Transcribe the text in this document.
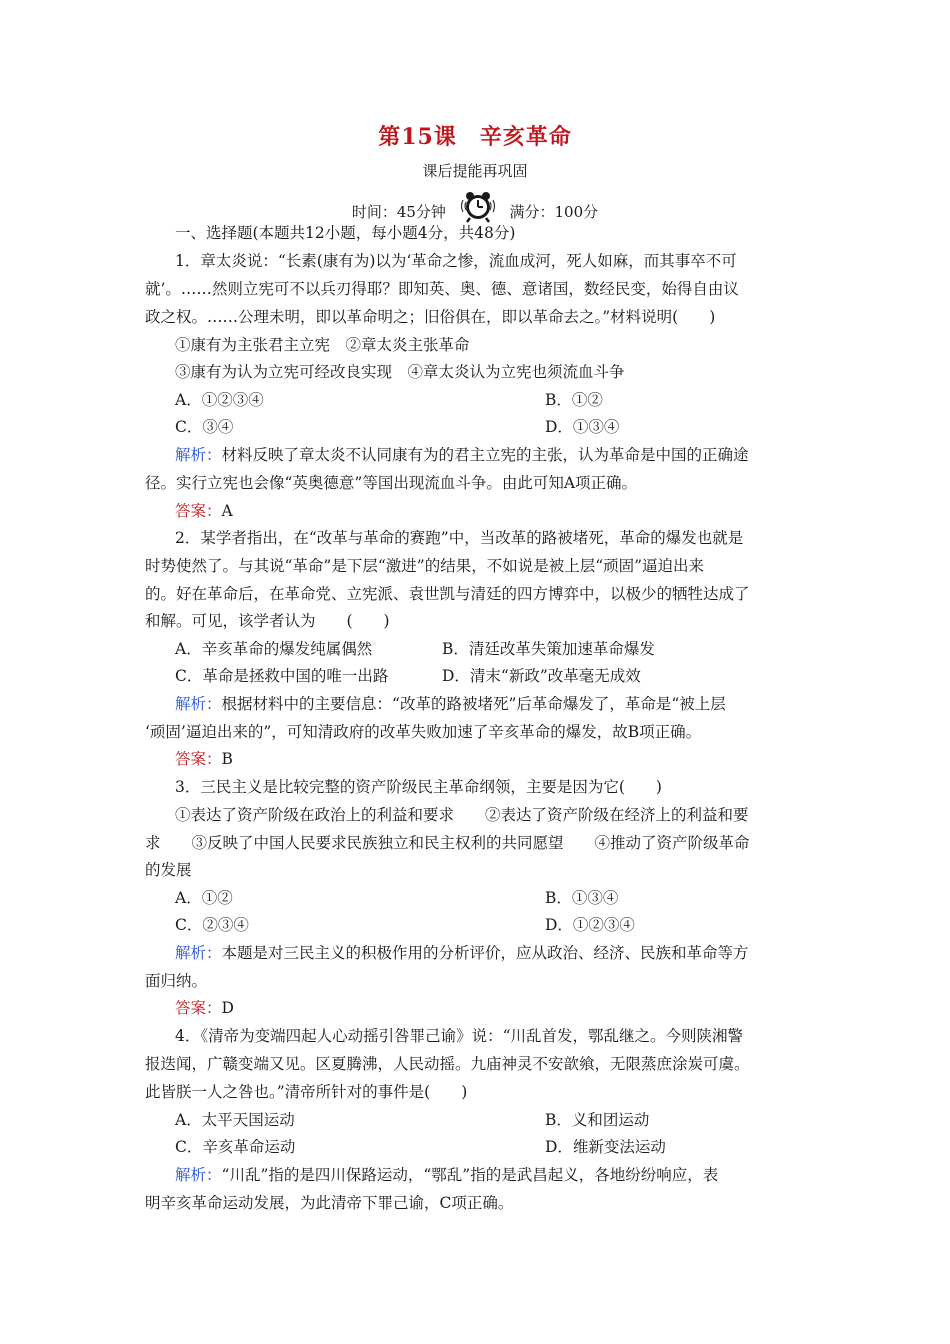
第15课　辛亥革命
课后提能再巩固
时间：45分钟	满分：100分
一、选择题(本题共12小题，每小题4分，共48分)
1．章太炎说：“长素(康有为)以为‘革命之惨，流血成河，死人如麻，而其事卒不可
就’。……然则立宪可不以兵刃得耶？即知英、奥、德、意诸国，数经民变，始得自由议
政之权。……公理未明，即以革命明之；旧俗俱在，即以革命去之。”材料说明(　　)
①康有为主张君主立宪　②章太炎主张革命
③康有为认为立宪可经改良实现　④章太炎认为立宪也须流血斗争
A．①②③④	B．①②
C．③④	D．①③④
解析：材料反映了章太炎不认同康有为的君主立宪的主张，认为革命是中国的正确途
径。实行立宪也会像“英奥德意”等国出现流血斗争。由此可知A项正确。
答案：A
2．某学者指出，在“改革与革命的赛跑”中，当改革的路被堵死，革命的爆发也就是
时势使然了。与其说“革命”是下层“激进”的结果，不如说是被上层“顽固”逼迫出来
的。好在革命后，在革命党、立宪派、袁世凯与清廷的四方博弈中，以极少的牺牲达成了
和解。可见，该学者认为　　(　　)
A．辛亥革命的爆发纯属偶然	B．清廷改革失策加速革命爆发
C．革命是拯救中国的唯一出路	D．清末“新政”改革毫无成效
解析：根据材料中的主要信息：“改革的路被堵死”后革命爆发了，革命是“被上层
‘顽固’逼迫出来的”，可知清政府的改革失败加速了辛亥革命的爆发，故B项正确。
答案：B
3．三民主义是比较完整的资产阶级民主革命纲领，主要是因为它(　　)
①表达了资产阶级在政治上的利益和要求　　②表达了资产阶级在经济上的利益和要
求　　③反映了中国人民要求民族独立和民主权利的共同愿望　　④推动了资产阶级革命
的发展
A．①②	B．①③④
C．②③④	D．①②③④
解析：本题是对三民主义的积极作用的分析评价，应从政治、经济、民族和革命等方
面归纳。
答案：D
4．《清帝为变端四起人心动摇引咎罪己谕》说：“川乱首发，鄂乱继之。今则陕湘警
报迭闻，广赣变端又见。区夏腾沸，人民动摇。九庙神灵不安歆飨，无限蒸庶涂炭可虞。
此皆朕一人之咎也。”清帝所针对的事件是(　　)
A．太平天国运动	B．义和团运动
C．辛亥革命运动	D．维新变法运动
解析：“川乱”指的是四川保路运动，“鄂乱”指的是武昌起义，各地纷纷响应，表
明辛亥革命运动发展，为此清帝下罪己谕，C项正确。
